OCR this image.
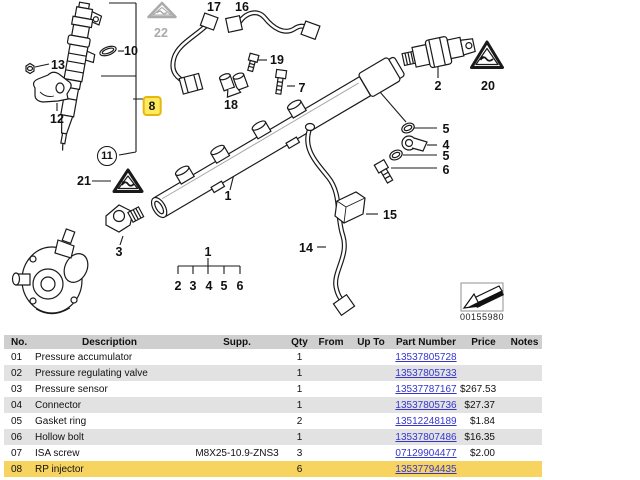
13
10
12
8
11
21
3
22
17 16
19
18
7	2	20
5
4
5
6
15
14
1
1
2 3 4 5 6
00155980
No.	Description	Supp.	Qty	From	Up To	Part Number	Price	Notes
01	Pressure accumulator		1			13537805728		
02	Pressure regulating valve		1			13537805733		
03	Pressure sensor		1			13537787167	$267.53	
04	Connector		1			13537805736	$27.37	
05	Gasket ring		2			13512248189	$1.84	
06	Hollow bolt		1			13537807486	$16.35	
07	ISA screw	M8X25-10.9-ZNS3	3			07129904477	$2.00	
08	RP injector		6			13537794435		
